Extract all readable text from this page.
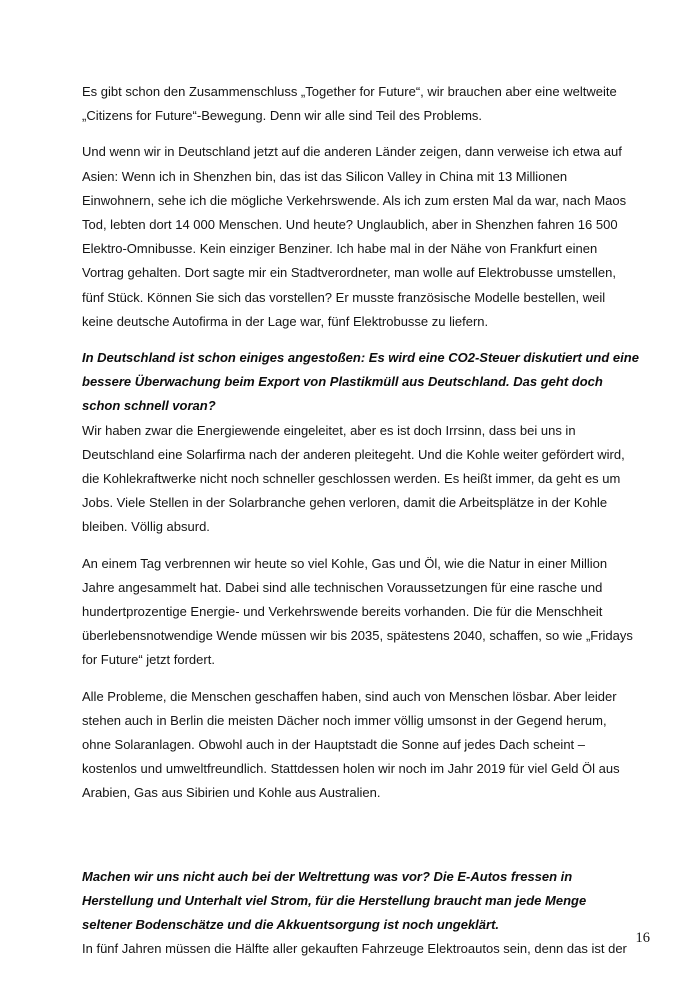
Es gibt schon den Zusammenschluss „Together for Future“, wir brauchen aber eine weltweite „Citizens for Future“-Bewegung. Denn wir alle sind Teil des Problems.

Und wenn wir in Deutschland jetzt auf die anderen Länder zeigen, dann verweise ich etwa auf Asien: Wenn ich in Shenzhen bin, das ist das Silicon Valley in China mit 13 Millionen Einwohnern, sehe ich die mögliche Verkehrswende. Als ich zum ersten Mal da war, nach Maos Tod, lebten dort 14 000 Menschen. Und heute? Unglaublich, aber in Shenzhen fahren 16 500 Elektro-Omnibusse. Kein einziger Benziner. Ich habe mal in der Nähe von Frankfurt einen Vortrag gehalten. Dort sagte mir ein Stadtverordneter, man wolle auf Elektrobusse umstellen, fünf Stück. Können Sie sich das vorstellen? Er musste französische Modelle bestellen, weil keine deutsche Autofirma in der Lage war, fünf Elektrobusse zu liefern.

In Deutschland ist schon einiges angestoßen: Es wird eine CO2-Steuer diskutiert und eine bessere Überwachung beim Export von Plastikmüll aus Deutschland. Das geht doch schon schnell voran?

Wir haben zwar die Energiewende eingeleitet, aber es ist doch Irrsinn, dass bei uns in Deutschland eine Solarfirma nach der anderen pleitegeht. Und die Kohle weiter gefördert wird, die Kohlekraftwerke nicht noch schneller geschlossen werden. Es heißt immer, da geht es um Jobs. Viele Stellen in der Solarbranche gehen verloren, damit die Arbeitsplätze in der Kohle bleiben. Völlig absurd.

An einem Tag verbrennen wir heute so viel Kohle, Gas und Öl, wie die Natur in einer Million Jahre angesammelt hat. Dabei sind alle technischen Voraussetzungen für eine rasche und hundertprozentige Energie- und Verkehrswende bereits vorhanden. Die für die Menschheit überlebensnotwendige Wende müssen wir bis 2035, spätestens 2040, schaffen, so wie „Fridays for Future“ jetzt fordert.

Alle Probleme, die Menschen geschaffen haben, sind auch von Menschen lösbar. Aber leider stehen auch in Berlin die meisten Dächer noch immer völlig umsonst in der Gegend herum, ohne Solaranlagen. Obwohl auch in der Hauptstadt die Sonne auf jedes Dach scheint – kostenlos und umweltfreundlich. Stattdessen holen wir noch im Jahr 2019 für viel Geld Öl aus Arabien, Gas aus Sibirien und Kohle aus Australien.

Machen wir uns nicht auch bei der Weltrettung was vor? Die E-Autos fressen in Herstellung und Unterhalt viel Strom, für die Herstellung braucht man jede Menge seltener Bodenschätze und die Akkuentsorgung ist noch ungeklärt.

In fünf Jahren müssen die Hälfte aller gekauften Fahrzeuge Elektroautos sein, denn das ist der

16
